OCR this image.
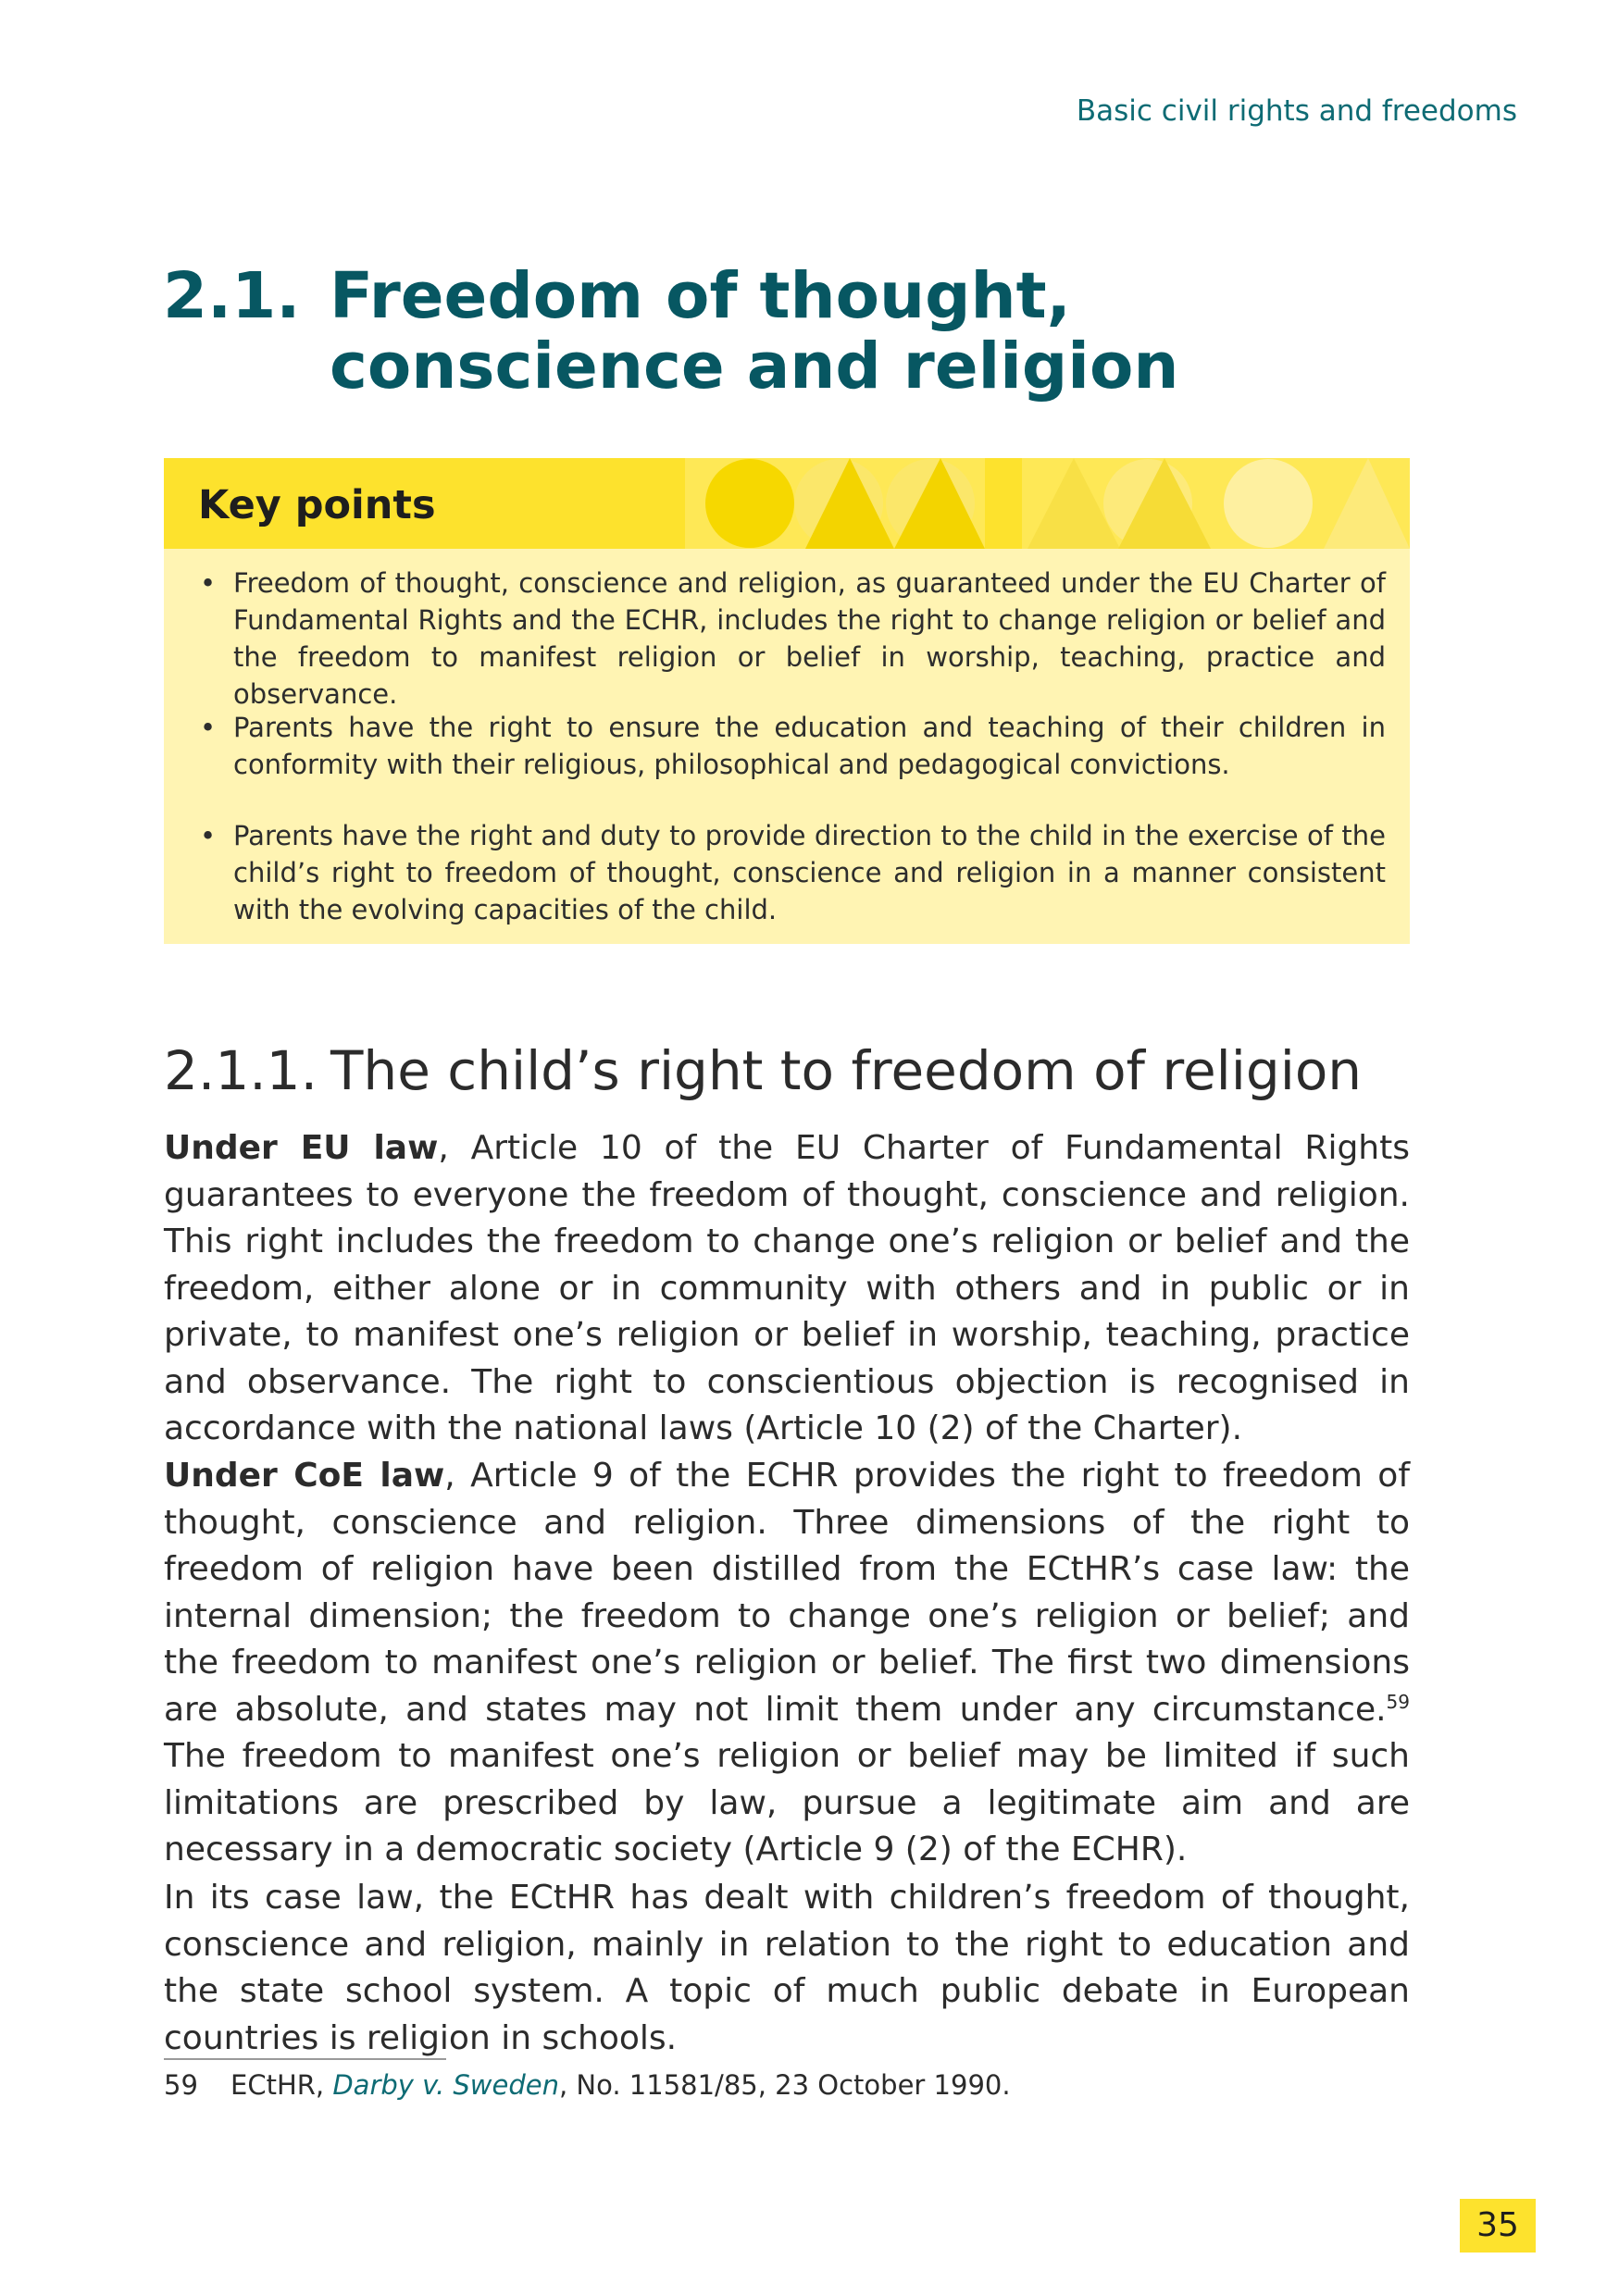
Basic civil rights and freedoms
2.1. Freedom of thought, conscience and religion
Key points
• Freedom of thought, conscience and religion, as guaranteed under the EU Charter of Fundamental Rights and the ECHR, includes the right to change religion or belief and the freedom to manifest religion or belief in worship, teaching, practice and observance.
• Parents have the right to ensure the education and teaching of their children in conformity with their religious, philosophical and pedagogical convictions.
• Parents have the right and duty to provide direction to the child in the exercise of the child’s right to freedom of thought, conscience and religion in a manner consistent with the evolving capacities of the child.
2.1.1. The child’s right to freedom of religion
Under EU law, Article 10 of the EU Charter of Fundamental Rights guarantees to everyone the freedom of thought, conscience and religion. This right includes the freedom to change one’s religion or belief and the freedom, either alone or in community with others and in public or in private, to manifest one’s religion or belief in worship, teaching, practice and observance. The right to conscientious objection is recognised in accordance with the national laws (Article 10 (2) of the Charter).
Under CoE law, Article 9 of the ECHR provides the right to freedom of thought, conscience and religion. Three dimensions of the right to freedom of religion have been distilled from the ECtHR’s case law: the internal dimension; the freedom to change one’s religion or belief; and the freedom to manifest one’s religion or belief. The first two dimensions are absolute, and states may not limit them under any circumstance.$^{59}$ The freedom to manifest one’s religion or belief may be limited if such limitations are prescribed by law, pursue a legitimate aim and are necessary in a democratic society (Article 9 (2) of the ECHR).
In its case law, the ECtHR has dealt with children’s freedom of thought, conscience and religion, mainly in relation to the right to education and the state school system. A topic of much public debate in European countries is religion in schools.
59	ECtHR, Darby v. Sweden, No. 11581/85, 23 October 1990.
35
